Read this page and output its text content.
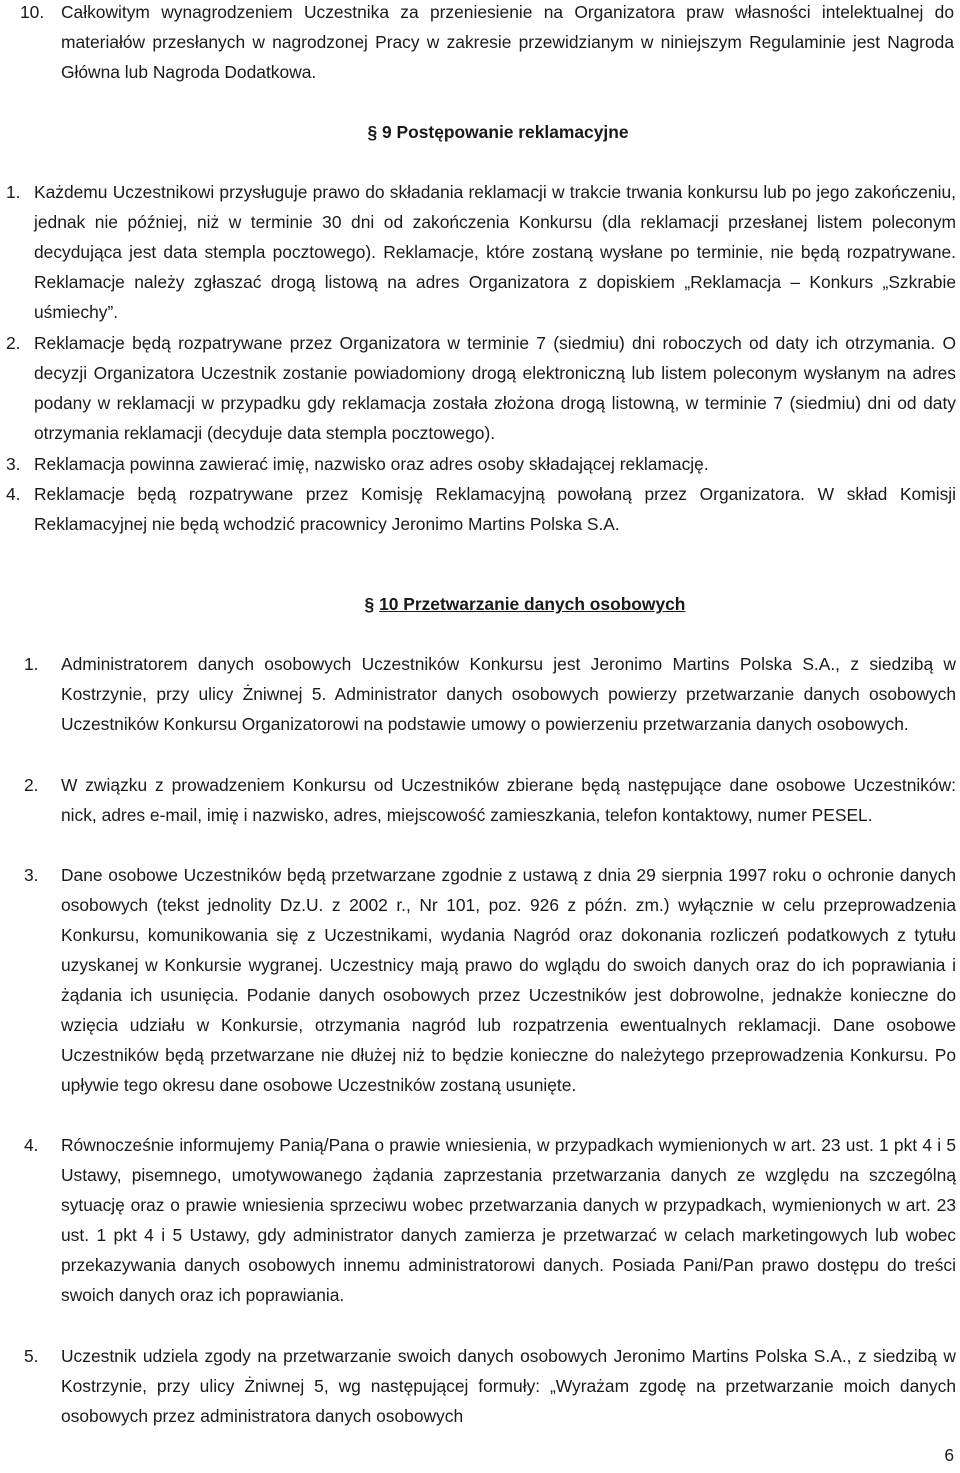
10. Całkowitym wynagrodzeniem Uczestnika za przeniesienie na Organizatora praw własności intelektualnej do materiałów przesłanych w nagrodzonej Pracy w zakresie przewidzianym w niniejszym Regulaminie jest Nagroda Główna lub Nagroda Dodatkowa.
§ 9 Postępowanie reklamacyjne
1. Każdemu Uczestnikowi przysługuje prawo do składania reklamacji w trakcie trwania konkursu lub po jego zakończeniu, jednak nie później, niż w terminie 30 dni od zakończenia Konkursu (dla reklamacji przesłanej listem poleconym decydująca jest data stempla pocztowego). Reklamacje, które zostaną wysłane po terminie, nie będą rozpatrywane. Reklamacje należy zgłaszać drogą listową na adres Organizatora z dopiskiem „Reklamacja – Konkurs „Szkrabie uśmiechy”.
2. Reklamacje będą rozpatrywane przez Organizatora w terminie 7 (siedmiu) dni roboczych od daty ich otrzymania. O decyzji Organizatora Uczestnik zostanie powiadomiony drogą elektroniczną lub listem poleconym wysłanym na adres podany w reklamacji w przypadku gdy reklamacja została złożona drogą listowną, w terminie 7 (siedmiu) dni od daty otrzymania reklamacji (decyduje data stempla pocztowego).
3. Reklamacja powinna zawierać imię, nazwisko oraz adres osoby składającej reklamację.
4. Reklamacje będą rozpatrywane przez Komisję Reklamacyjną powołaną przez Organizatora. W skład Komisji Reklamacyjnej nie będą wchodzić pracownicy Jeronimo Martins Polska S.A.
§ 10 Przetwarzanie danych osobowych
1. Administratorem danych osobowych Uczestników Konkursu jest Jeronimo Martins Polska S.A., z siedzibą w Kostrzynie, przy ulicy Żniwnej 5. Administrator danych osobowych powierzy przetwarzanie danych osobowych Uczestników Konkursu Organizatorowi na podstawie umowy o powierzeniu przetwarzania danych osobowych.
2. W związku z prowadzeniem Konkursu od Uczestników zbierane będą następujące dane osobowe Uczestników: nick, adres e-mail, imię i nazwisko, adres, miejscowość zamieszkania, telefon kontaktowy, numer PESEL.
3. Dane osobowe Uczestników będą przetwarzane zgodnie z ustawą z dnia 29 sierpnia 1997 roku o ochronie danych osobowych (tekst jednolity Dz.U. z 2002 r., Nr 101, poz. 926 z późn. zm.) wyłącznie w celu przeprowadzenia Konkursu, komunikowania się z Uczestnikami, wydania Nagród oraz dokonania rozliczeń podatkowych z tytułu uzyskanej w Konkursie wygranej. Uczestnicy mają prawo do wglądu do swoich danych oraz do ich poprawiania i żądania ich usunięcia. Podanie danych osobowych przez Uczestników jest dobrowolne, jednakże konieczne do wzięcia udziału w Konkursie, otrzymania nagród lub rozpatrzenia ewentualnych reklamacji. Dane osobowe Uczestników będą przetwarzane nie dłużej niż to będzie konieczne do należytego przeprowadzenia Konkursu. Po upływie tego okresu dane osobowe Uczestników zostaną usunięte.
4. Równocześnie informujemy Panią/Pana o prawie wniesienia, w przypadkach wymienionych w art. 23 ust. 1 pkt 4 i 5 Ustawy, pisemnego, umotywowanego żądania zaprzestania przetwarzania danych ze względu na szczególną sytuację oraz o prawie wniesienia sprzeciwu wobec przetwarzania danych w przypadkach, wymienionych w art. 23 ust. 1 pkt 4 i 5 Ustawy, gdy administrator danych zamierza je przetwarzać w celach marketingowych lub wobec przekazywania danych osobowych innemu administratorowi danych. Posiada Pani/Pan prawo dostępu do treści swoich danych oraz ich poprawiania.
5. Uczestnik udziela zgody na przetwarzanie swoich danych osobowych Jeronimo Martins Polska S.A., z siedzibą w Kostrzynie, przy ulicy Żniwnej 5, wg następującej formuły: „Wyrażam zgodę na przetwarzanie moich danych osobowych przez administratora danych osobowych
6
